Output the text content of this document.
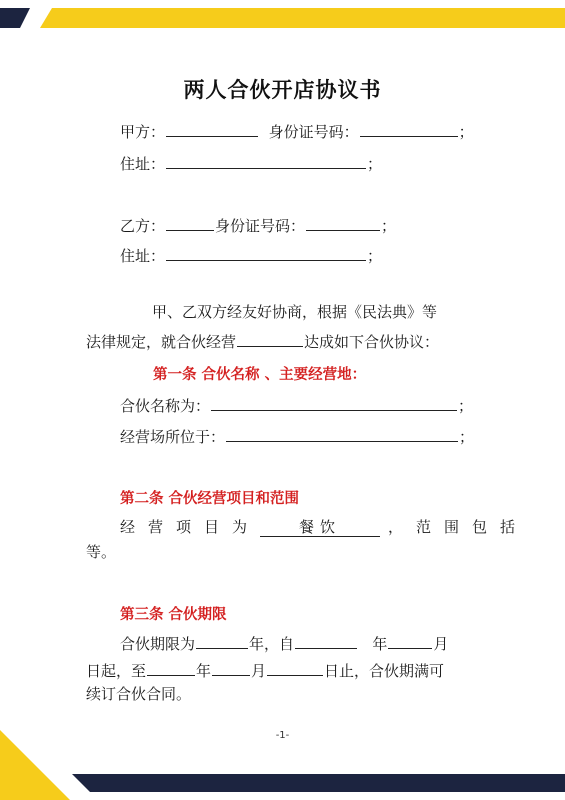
两人合伙开店协议书
甲方：	身份证号码：	；
住址：	；
乙方：	身份证号码：	；
住址：	；
甲、乙双方经友好协商，根据《民法典》等
法律规定，就合伙经营	达成如下合伙协议：
第一条 合伙名称 、主要经营地：
合伙名称为：	；
经营场所位于：	；
第二条 合伙经营项目和范围
经营项目为	餐饮	，范围包括
等。
第三条 合伙期限
合伙期限为	年，自	年	月
日起，至	年	月	日止，合伙期满可
续订合伙合同。
-1-
